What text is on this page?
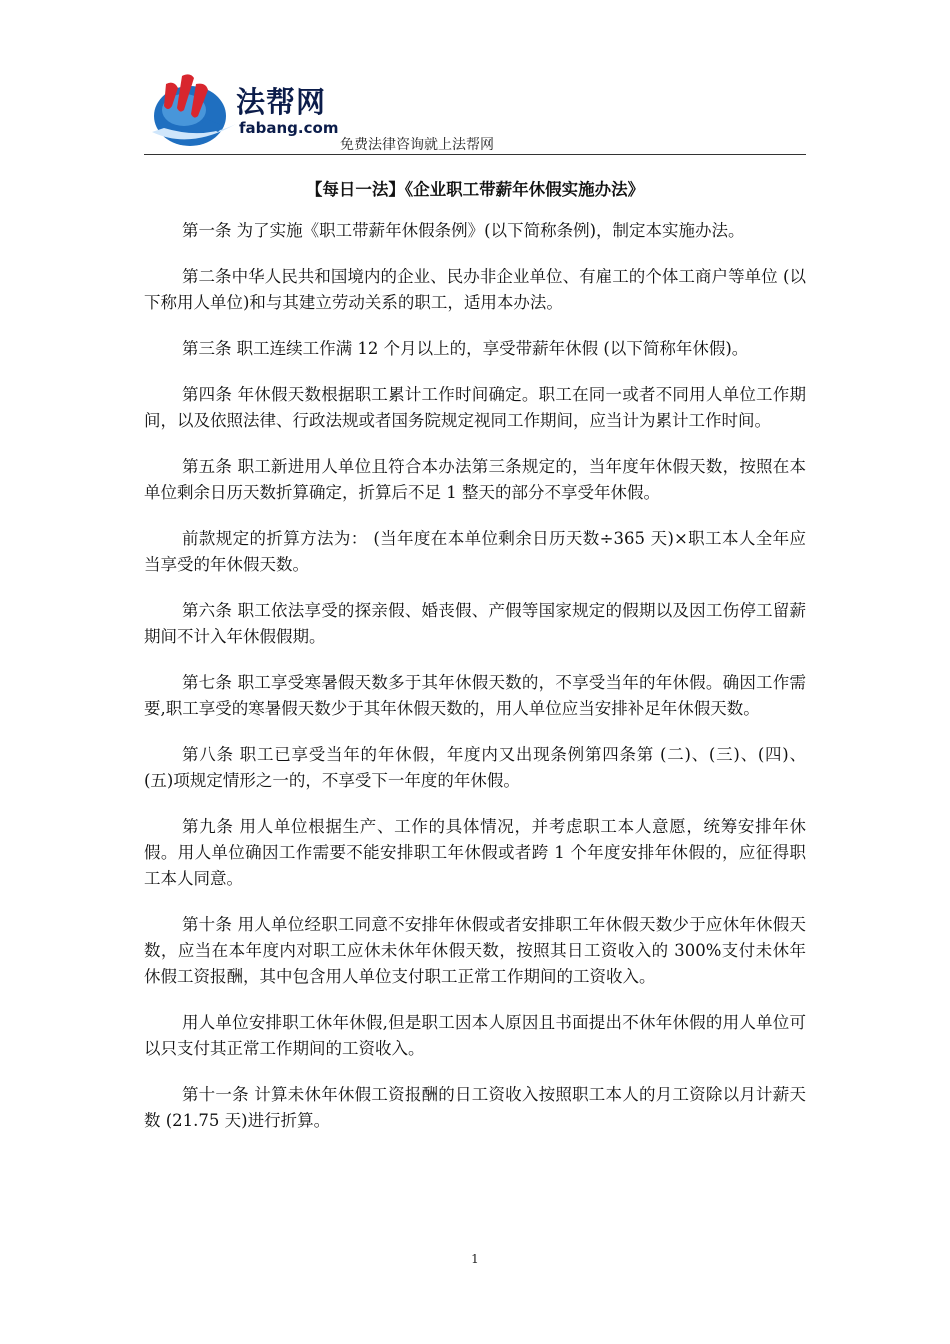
法帮网
fabang.com
免费法律咨询就上法帮网
【每日一法】《企业职工带薪年休假实施办法》

第一条 为了实施《职工带薪年休假条例》(以下简称条例)，制定本实施办法。

第二条中华人民共和国境内的企业、民办非企业单位、有雇工的个体工商户等单位 (以下称用人单位)和与其建立劳动关系的职工，适用本办法。

第三条 职工连续工作满 12 个月以上的，享受带薪年休假 (以下简称年休假)。

第四条 年休假天数根据职工累计工作时间确定。职工在同一或者不同用人单位工作期间，以及依照法律、行政法规或者国务院规定视同工作期间，应当计为累计工作时间。

第五条 职工新进用人单位且符合本办法第三条规定的，当年度年休假天数，按照在本单位剩余日历天数折算确定，折算后不足 1 整天的部分不享受年休假。

前款规定的折算方法为： (当年度在本单位剩余日历天数÷365 天)×职工本人全年应当享受的年休假天数。

第六条 职工依法享受的探亲假、婚丧假、产假等国家规定的假期以及因工伤停工留薪期间不计入年休假假期。

第七条 职工享受寒暑假天数多于其年休假天数的，不享受当年的年休假。确因工作需要,职工享受的寒暑假天数少于其年休假天数的，用人单位应当安排补足年休假天数。

第八条 职工已享受当年的年休假，年度内又出现条例第四条第 (二)、(三)、(四)、 (五)项规定情形之一的，不享受下一年度的年休假。

第九条 用人单位根据生产、工作的具体情况，并考虑职工本人意愿，统筹安排年休假。用人单位确因工作需要不能安排职工年休假或者跨 1 个年度安排年休假的，应征得职工本人同意。

第十条 用人单位经职工同意不安排年休假或者安排职工年休假天数少于应休年休假天数，应当在本年度内对职工应休未休年休假天数，按照其日工资收入的 300%支付未休年休假工资报酬，其中包含用人单位支付职工正常工作期间的工资收入。

用人单位安排职工休年休假,但是职工因本人原因且书面提出不休年休假的用人单位可以只支付其正常工作期间的工资收入。

第十一条 计算未休年休假工资报酬的日工资收入按照职工本人的月工资除以月计薪天数 (21.75 天)进行折算。

1
